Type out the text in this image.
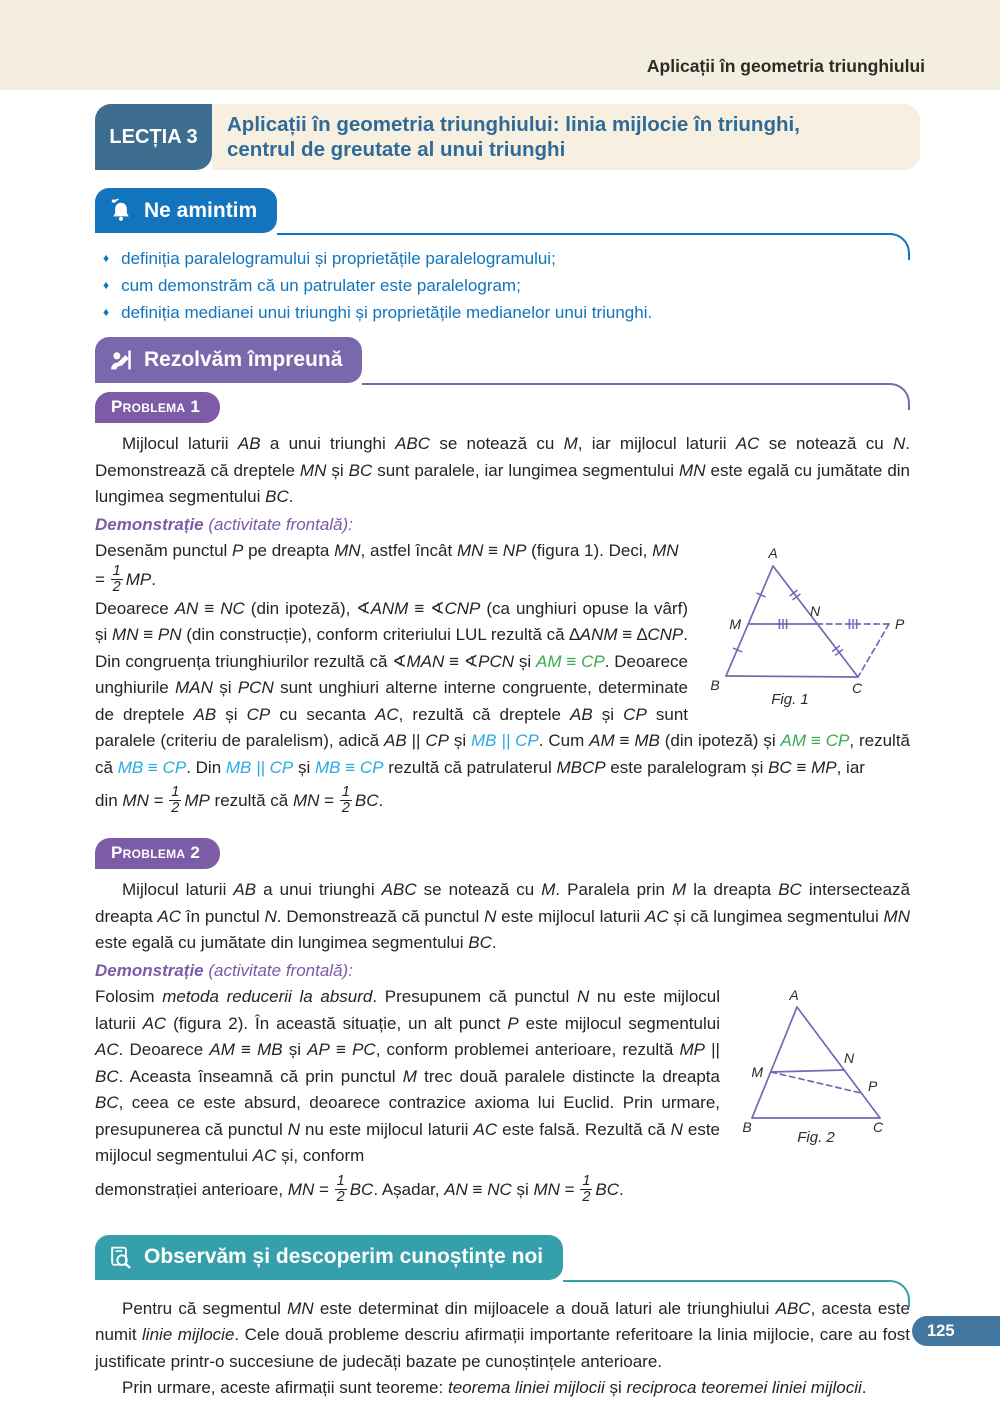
Aplicații în geometria triunghiului
LECȚIA 3
Aplicații în geometria triunghiului: linia mijlocie în triunghi,
centrul de greutate al unui triunghi
Ne amintim
♦ definiția paralelogramului și proprietățile paralelogramului;
♦ cum demonstrăm că un patrulater este paralelogram;
♦ definiția medianei unui triunghi și proprietățile medianelor unui triunghi.
Rezolvăm împreună
Problema 1

Mijlocul laturii AB a unui triunghi ABC se notează cu M, iar mijlocul laturii AC se notează cu N. Demonstrează că dreptele MN și BC sunt paralele, iar lungimea segmentului MN este egală cu jumătate din lungimea segmentului BC.

Demonstrație (activitate frontală):

A
B	C
M
N
P
Fig. 1

Desenăm punctul P pe dreapta MN, astfel încât MN ≡ NP (figura 1). Deci, MN = $\frac{1}{2}$ MP.

Deoarece AN ≡ NC (din ipoteză), ∢ANM ≡ ∢CNP (ca unghiuri opuse la vârf) și MN ≡ PN (din construcție), conform criteriului LUL rezultă că ∆ANM ≡ ∆CNP. Din congruența triunghiurilor rezultă că ∢MAN ≡ ∢PCN și AM ≡ CP. Deoarece unghiurile MAN și PCN sunt unghiuri alterne interne congruente, determinate de dreptele AB și CP cu secanta AC, rezultă că dreptele AB și CP sunt paralele (criteriu de paralelism), adică AB || CP și MB || CP. Cum AM ≡ MB (din ipoteză) și AM ≡ CP, rezultă că MB ≡ CP. Din MB || CP și MB ≡ CP rezultă că patrulaterul MBCP este paralelogram și BC ≡ MP, iar

din MN = $\frac{1}{2}$ MP rezultă că MN = $\frac{1}{2}$ BC.

Problema 2

Mijlocul laturii AB a unui triunghi ABC se notează cu M. Paralela prin M la dreapta BC intersectează dreapta AC în punctul N. Demonstrează că punctul N este mijlocul laturii AC și că lungimea segmentului MN este egală cu jumătate din lungimea segmentului BC.

Demonstrație (activitate frontală):

A
B	C
M
N
P
Fig. 2

Folosim metoda reducerii la absurd. Presupunem că punctul N nu este mijlocul laturii AC (figura 2). În această situație, un alt punct P este mijlocul segmentului AC. Deoarece AM ≡ MB și AP ≡ PC, conform problemei anterioare, rezultă MP || BC. Aceasta înseamnă că prin punctul M trec două paralele distincte la dreapta BC, ceea ce este absurd, deoarece contrazice axioma lui Euclid. Prin urmare, presupunerea că punctul N nu este mijlocul laturii AC este falsă. Rezultă că N este mijlocul segmentului AC și, conform

demonstrației anterioare, MN = $\frac{1}{2}$ BC. Așadar, AN ≡ NC și MN = $\frac{1}{2}$ BC.

Observăm și descoperim cunoștințe noi

Pentru că segmentul MN este determinat din mijloacele a două laturi ale triunghiului ABC, acesta este numit linie mijlocie. Cele două probleme descriu afirmații importante referitoare la linia mijlocie, care au fost justificate printr-o succesiune de judecăți bazate pe cunoștințele anterioare.

Prin urmare, aceste afirmații sunt teoreme: teorema liniei mijlocii și reciproca teoremei liniei mijlocii.

125
